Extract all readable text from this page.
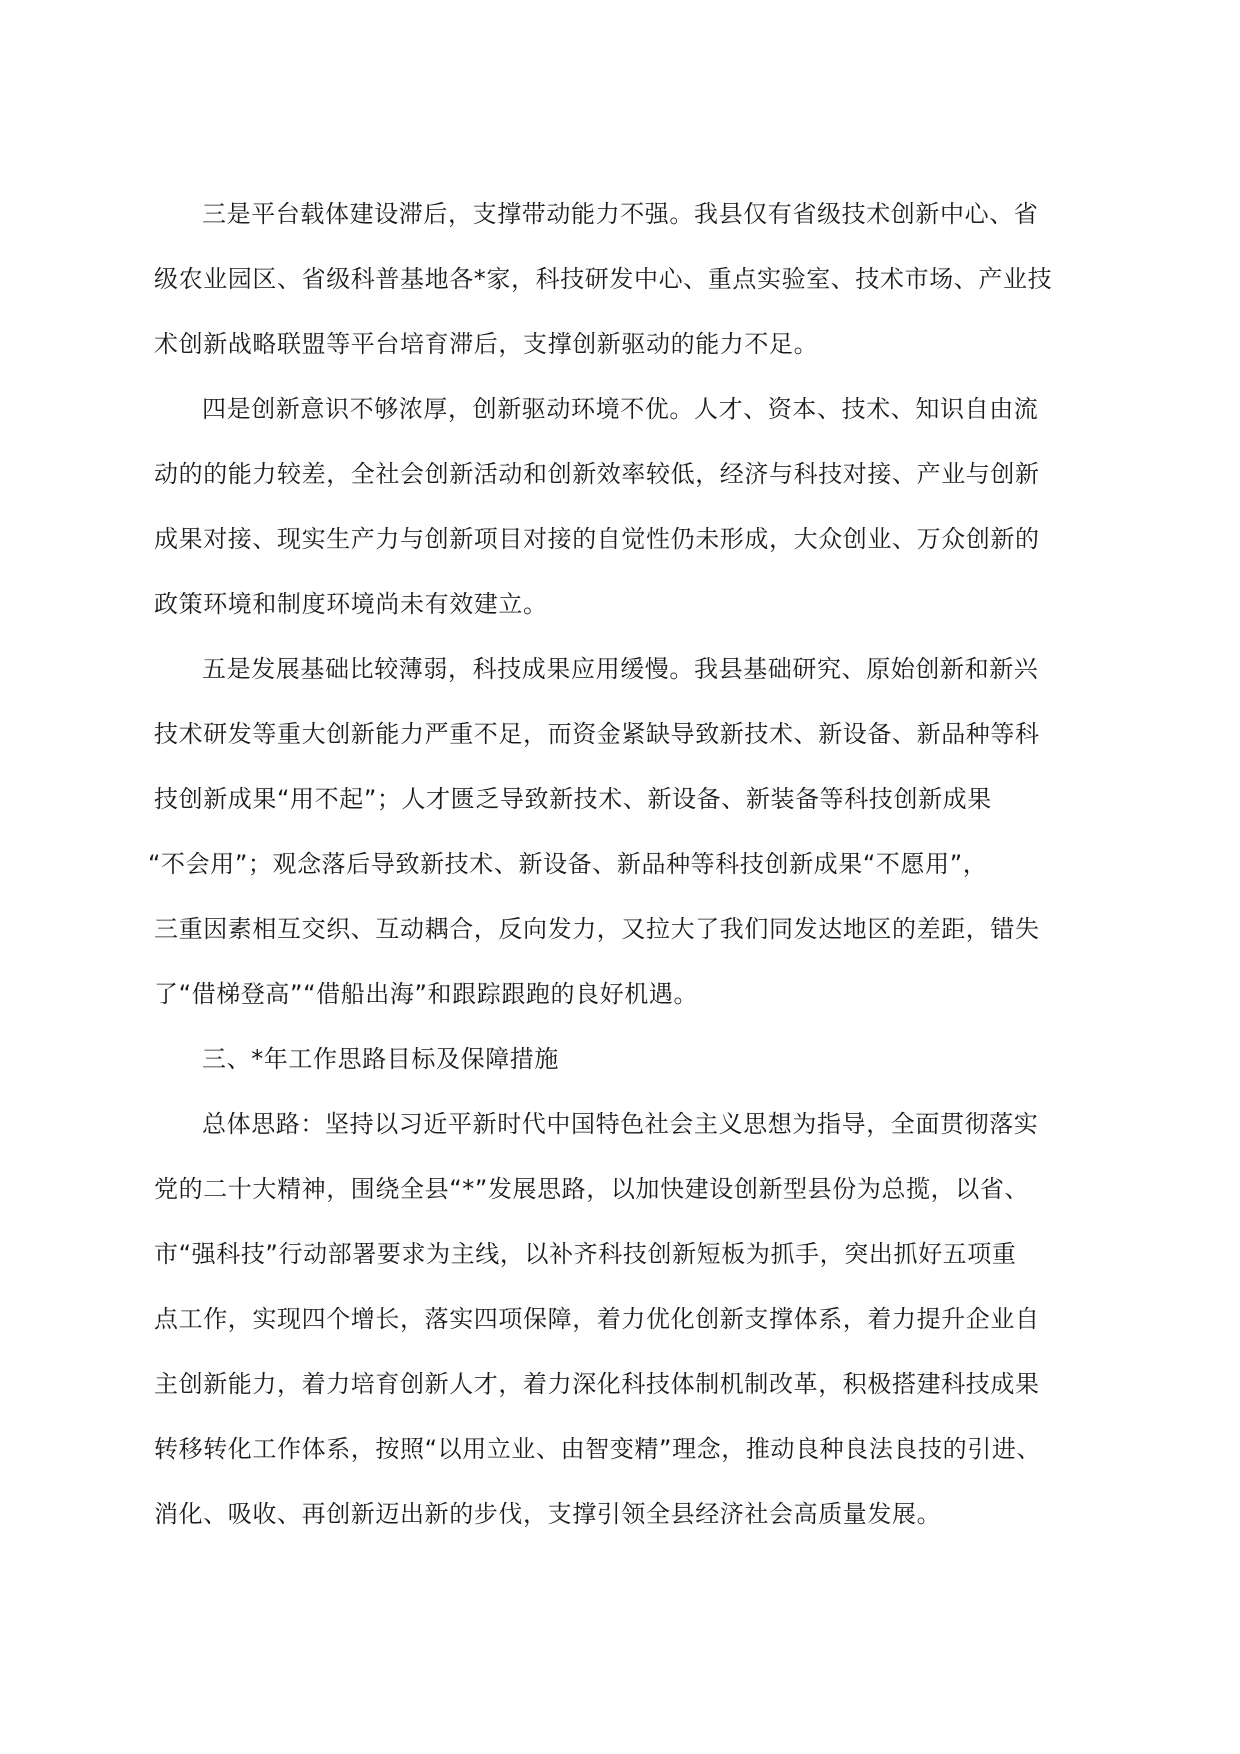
三是平台载体建设滞后，支撑带动能力不强。我县仅有省级技术创新中心、省
级农业园区、省级科普基地各*家，科技研发中心、重点实验室、技术市场、产业技
术创新战略联盟等平台培育滞后，支撑创新驱动的能力不足。
四是创新意识不够浓厚，创新驱动环境不优。人才、资本、技术、知识自由流
动的的能力较差，全社会创新活动和创新效率较低，经济与科技对接、产业与创新
成果对接、现实生产力与创新项目对接的自觉性仍未形成，大众创业、万众创新的
政策环境和制度环境尚未有效建立。
五是发展基础比较薄弱，科技成果应用缓慢。我县基础研究、原始创新和新兴
技术研发等重大创新能力严重不足，而资金紧缺导致新技术、新设备、新品种等科
技创新成果“用不起”；人才匮乏导致新技术、新设备、新装备等科技创新成果
“不会用”；观念落后导致新技术、新设备、新品种等科技创新成果“不愿用”，
三重因素相互交织、互动耦合，反向发力，又拉大了我们同发达地区的差距，错失
了“借梯登高”“借船出海”和跟踪跟跑的良好机遇。
三、*年工作思路目标及保障措施
总体思路：坚持以习近平新时代中国特色社会主义思想为指导，全面贯彻落实
党的二十大精神，围绕全县“*”发展思路，以加快建设创新型县份为总揽，以省、
市“强科技”行动部署要求为主线，以补齐科技创新短板为抓手，突出抓好五项重
点工作，实现四个增长，落实四项保障，着力优化创新支撑体系，着力提升企业自
主创新能力，着力培育创新人才，着力深化科技体制机制改革，积极搭建科技成果
转移转化工作体系，按照“以用立业、由智变精”理念，推动良种良法良技的引进、
消化、吸收、再创新迈出新的步伐，支撑引领全县经济社会高质量发展。
